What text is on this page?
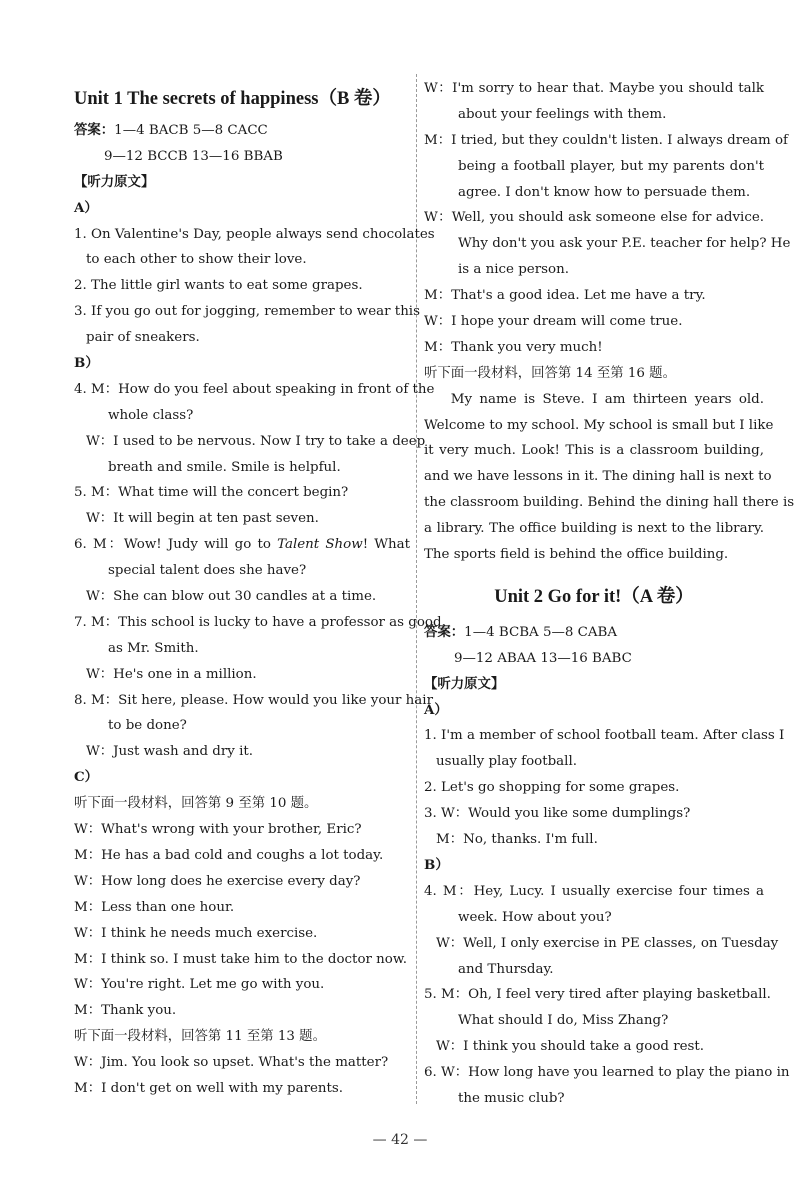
Unit 1 The secrets of happiness（B 卷）
答案：1—4 BACB 5—8 CACC
9—12 BCCB 13—16 BBAB
【听力原文】
A）
1. On Valentine's Day, people always send chocolates
to each other to show their love.
2. The little girl wants to eat some grapes.
3. If you go out for jogging, remember to wear this
pair of sneakers.
B）
4. M：How do you feel about speaking in front of the
whole class?
W：I used to be nervous. Now I try to take a deep
breath and smile. Smile is helpful.
5. M：What time will the concert begin?
W：It will begin at ten past seven.
6. M：Wow! Judy will go to Talent Show! What
special talent does she have?
W：She can blow out 30 candles at a time.
7. M：This school is lucky to have a professor as good
as Mr. Smith.
W：He's one in a million.
8. M：Sit here, please. How would you like your hair
to be done?
W：Just wash and dry it.
C）
听下面一段材料，回答第 9 至第 10 题。
W：What's wrong with your brother, Eric?
M：He has a bad cold and coughs a lot today.
W：How long does he exercise every day?
M：Less than one hour.
W：I think he needs much exercise.
M：I think so. I must take him to the doctor now.
W：You're right. Let me go with you.
M：Thank you.
听下面一段材料，回答第 11 至第 13 题。
W：Jim. You look so upset. What's the matter?
M：I don't get on well with my parents.
W：I'm sorry to hear that. Maybe you should talk
about your feelings with them.
M：I tried, but they couldn't listen. I always dream of
being a football player, but my parents don't
agree. I don't know how to persuade them.
W：Well, you should ask someone else for advice.
Why don't you ask your P.E. teacher for help? He
is a nice person.
M：That's a good idea. Let me have a try.
W：I hope your dream will come true.
M：Thank you very much!
听下面一段材料，回答第 14 至第 16 题。
My name is Steve. I am thirteen years old.
Welcome to my school. My school is small but I like
it very much. Look! This is a classroom building,
and we have lessons in it. The dining hall is next to
the classroom building. Behind the dining hall there is
a library. The office building is next to the library.
The sports field is behind the office building.
Unit 2 Go for it!（A 卷）
答案：1—4 BCBA 5—8 CABA
9—12 ABAA 13—16 BABC
【听力原文】
A）
1. I'm a member of school football team. After class I
usually play football.
2. Let's go shopping for some grapes.
3. W：Would you like some dumplings?
M：No, thanks. I'm full.
B）
4. M：Hey, Lucy. I usually exercise four times a
week. How about you?
W：Well, I only exercise in PE classes, on Tuesday
and Thursday.
5. M：Oh, I feel very tired after playing basketball.
What should I do, Miss Zhang?
W：I think you should take a good rest.
6. W：How long have you learned to play the piano in
the music club?
— 42 —
